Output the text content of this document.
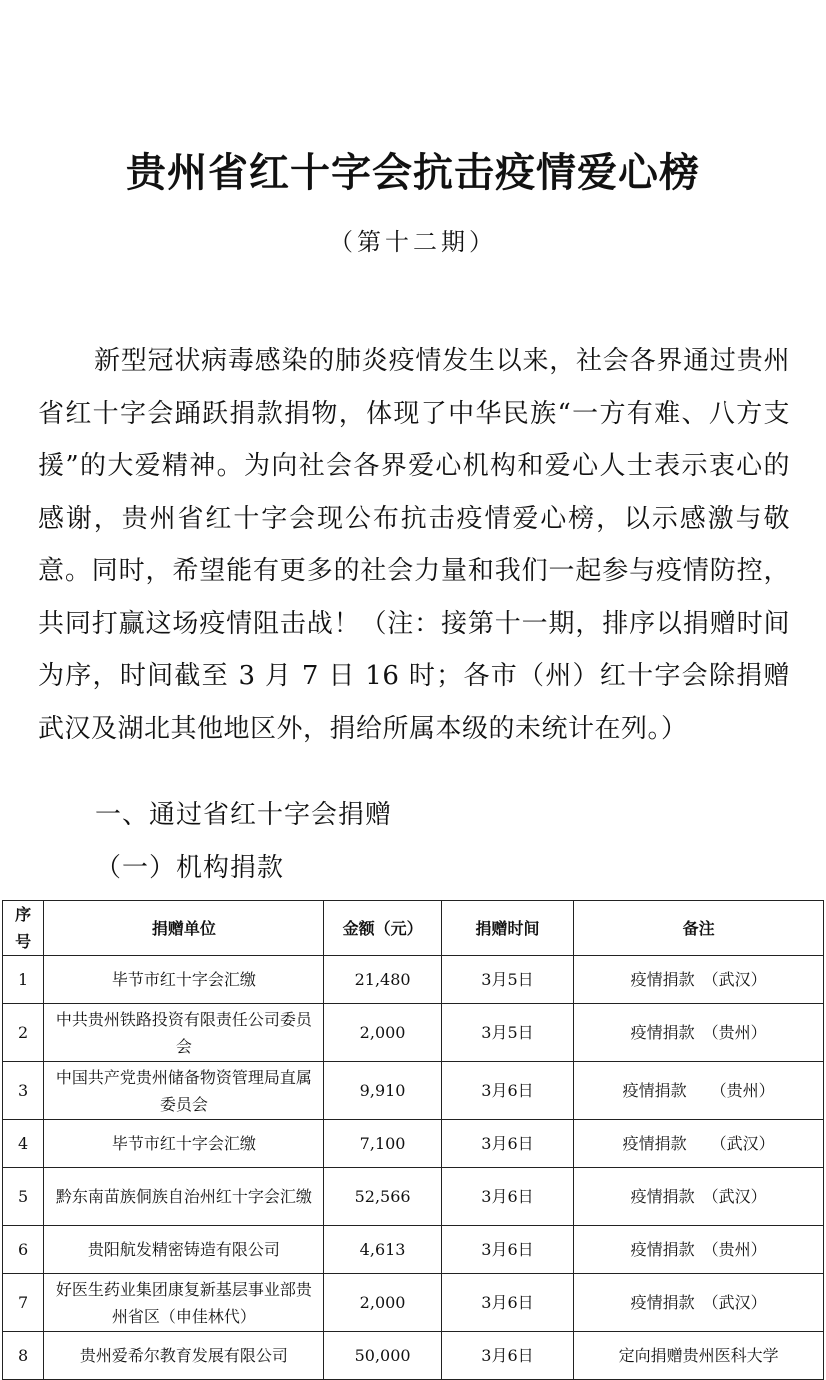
贵州省红十字会抗击疫情爱心榜
（第十二期）
新型冠状病毒感染的肺炎疫情发生以来，社会各界通过贵州省红十字会踊跃捐款捐物，体现了中华民族“一方有难、八方支援”的大爱精神。为向社会各界爱心机构和爱心人士表示衷心的感谢，贵州省红十字会现公布抗击疫情爱心榜，以示感激与敬意。同时，希望能有更多的社会力量和我们一起参与疫情防控，共同打赢这场疫情阻击战！（注：接第十一期，排序以捐赠时间为序，时间截至 3 月 7 日 16 时；各市（州）红十字会除捐赠武汉及湖北其他地区外，捐给所属本级的未统计在列。）
一、通过省红十字会捐赠
（一）机构捐款
序号	捐赠单位	金额（元）	捐赠时间	备注
1	毕节市红十字会汇缴	21,480	3月5日	疫情捐款　（武汉）
2	中共贵州铁路投资有限责任公司委员会	2,000	3月5日	疫情捐款　（贵州）
3	中国共产党贵州储备物资管理局直属委员会	9,910	3月6日	疫情捐款　　（贵州）
4	毕节市红十字会汇缴	7,100	3月6日	疫情捐款　　（武汉）
5	黔东南苗族侗族自治州红十字会汇缴	52,566	3月6日	疫情捐款　（武汉）
6	贵阳航发精密铸造有限公司	4,613	3月6日	疫情捐款　（贵州）
7	好医生药业集团康复新基层事业部贵州省区（申佳林代）	2,000	3月6日	疫情捐款　（武汉）
8	贵州爱希尔教育发展有限公司	50,000	3月6日	定向捐赠贵州医科大学
